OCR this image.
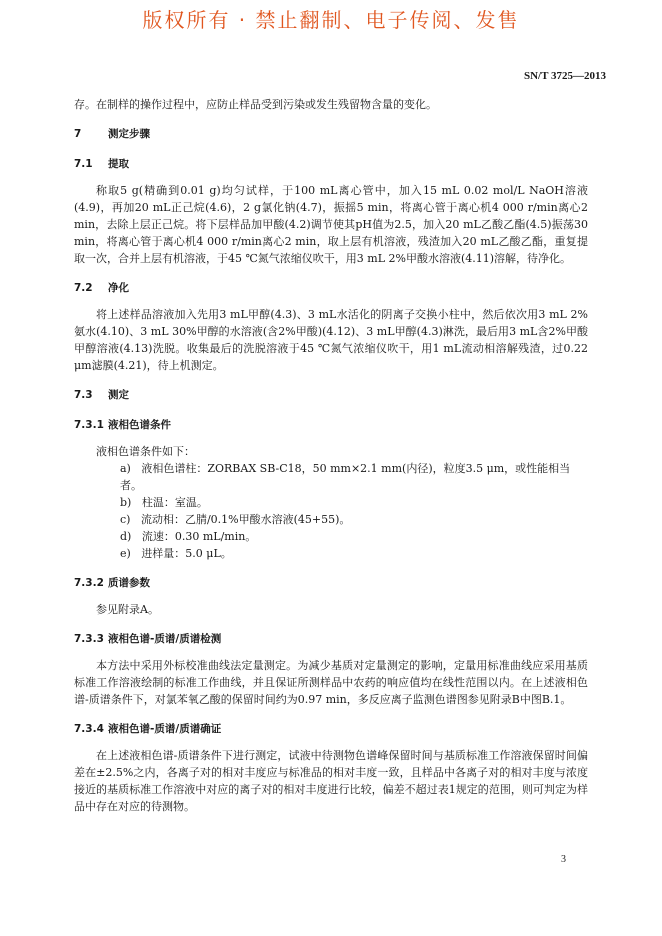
版权所有 · 禁止翻制、电子传阅、发售
SN/T 3725—2013

存。在制样的操作过程中，应防止样品受到污染或发生残留物含量的变化。

7	测定步骤
7.1 提取

称取5 g(精确到0.01 g)均匀试样，于100 mL离心管中，加入15 mL 0.02 mol/L NaOH溶液(4.9)，再加20 mL正己烷(4.6)，2 g氯化钠(4.7)，振摇5 min，将离心管于离心机4 000 r/min离心2 min，去除上层正己烷。将下层样品加甲酸(4.2)调节使其pH值为2.5，加入20 mL乙酸乙酯(4.5)振荡30 min，将离心管于离心机4 000 r/min离心2 min，取上层有机溶液，残渣加入20 mL乙酸乙酯，重复提取一次，合并上层有机溶液，于45 ℃氮气浓缩仪吹干，用3 mL 2%甲酸水溶液(4.11)溶解，待净化。

7.2 净化

将上述样品溶液加入先用3 mL甲醇(4.3)、3 mL水活化的阴离子交换小柱中，然后依次用3 mL 2%氨水(4.10)、3 mL 30%甲醇的水溶液(含2%甲酸)(4.12)、3 mL甲醇(4.3)淋洗，最后用3 mL含2%甲酸甲醇溶液(4.13)洗脱。收集最后的洗脱溶液于45 ℃氮气浓缩仪吹干，用1 mL流动相溶解残渣，过0.22 μm滤膜(4.21)，待上机测定。

7.3 测定
7.3.1 液相色谱条件

液相色谱条件如下：

a) 液相色谱柱：ZORBAX SB-C18，50 mm×2.1 mm(内径)，粒度3.5 μm，或性能相当者。
b) 柱温：室温。
c) 流动相：乙腈/0.1%甲酸水溶液(45+55)。
d) 流速：0.30 mL/min。
e) 进样量：5.0 μL。
7.3.2 质谱参数

参见附录A。

7.3.3 液相色谱-质谱/质谱检测

本方法中采用外标校准曲线法定量测定。为减少基质对定量测定的影响，定量用标准曲线应采用基质标准工作溶液绘制的标准工作曲线，并且保证所测样品中农药的响应值均在线性范围以内。在上述液相色谱-质谱条件下，对氯苯氧乙酸的保留时间约为0.97 min，多反应离子监测色谱图参见附录B中图B.1。

7.3.4 液相色谱-质谱/质谱确证

在上述液相色谱-质谱条件下进行测定，试液中待测物色谱峰保留时间与基质标准工作溶液保留时间偏差在±2.5%之内，各离子对的相对丰度应与标准品的相对丰度一致，且样品中各离子对的相对丰度与浓度接近的基质标准工作溶液中对应的离子对的相对丰度进行比较，偏差不超过表1规定的范围，则可判定为样品中存在对应的待测物。

3
